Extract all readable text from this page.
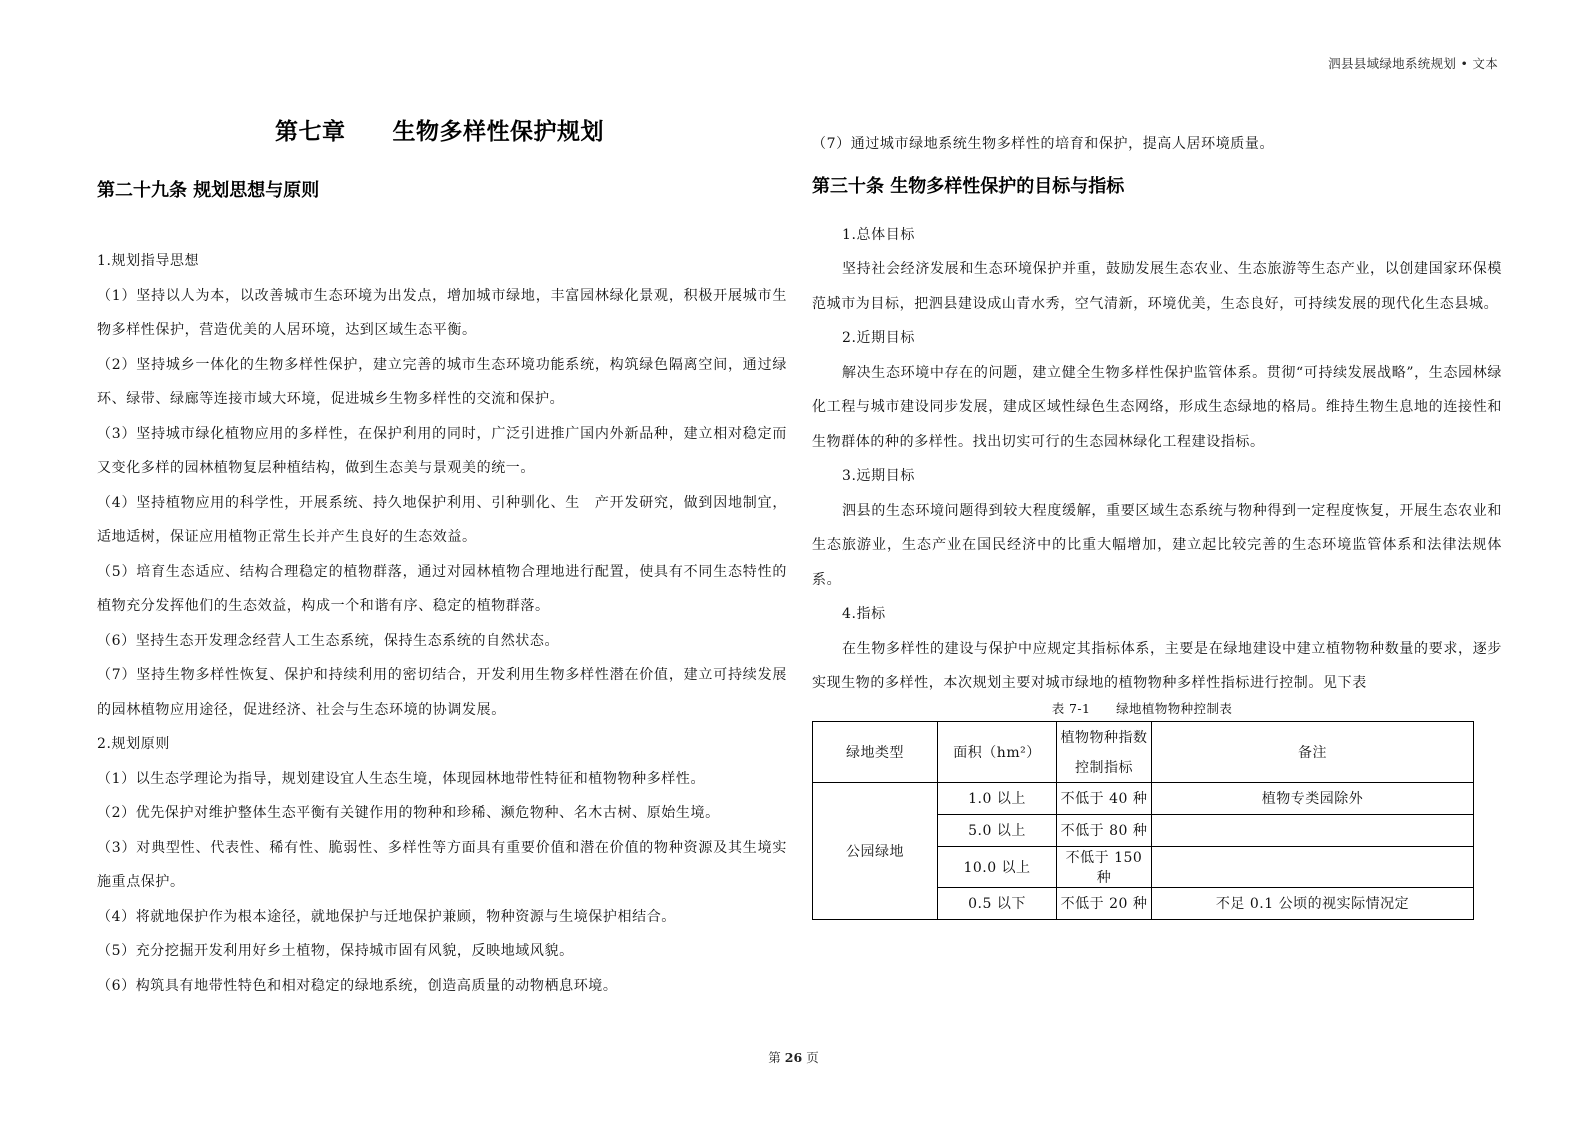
泗县县域绿地系统规划 • 文本
第七章　　生物多样性保护规划
第二十九条 规划思想与原则

1.规划指导思想

（1）坚持以人为本，以改善城市生态环境为出发点，增加城市绿地，丰富园林绿化景观，积极开展城市生物多样性保护，营造优美的人居环境，达到区域生态平衡。

（2）坚持城乡一体化的生物多样性保护，建立完善的城市生态环境功能系统，构筑绿色隔离空间，通过绿环、绿带、绿廊等连接市域大环境，促进城乡生物多样性的交流和保护。

（3）坚持城市绿化植物应用的多样性，在保护利用的同时，广泛引进推广国内外新品种，建立相对稳定而又变化多样的园林植物复层种植结构，做到生态美与景观美的统一。

（4）坚持植物应用的科学性，开展系统、持久地保护利用、引种驯化、生　产开发研究，做到因地制宜，适地适树，保证应用植物正常生长并产生良好的生态效益。

（5）培育生态适应、结构合理稳定的植物群落，通过对园林植物合理地进行配置，使具有不同生态特性的植物充分发挥他们的生态效益，构成一个和谐有序、稳定的植物群落。

（6）坚持生态开发理念经营人工生态系统，保持生态系统的自然状态。

（7）坚持生物多样性恢复、保护和持续利用的密切结合，开发利用生物多样性潜在价值，建立可持续发展的园林植物应用途径，促进经济、社会与生态环境的协调发展。

2.规划原则

（1）以生态学理论为指导，规划建设宜人生态生境，体现园林地带性特征和植物物种多样性。

（2）优先保护对维护整体生态平衡有关键作用的物种和珍稀、濒危物种、名木古树、原始生境。

（3）对典型性、代表性、稀有性、脆弱性、多样性等方面具有重要价值和潜在价值的物种资源及其生境实施重点保护。

（4）将就地保护作为根本途径，就地保护与迁地保护兼顾，物种资源与生境保护相结合。

（5）充分挖掘开发利用好乡土植物，保持城市固有风貌，反映地域风貌。

（6）构筑具有地带性特色和相对稳定的绿地系统，创造高质量的动物栖息环境。

（7）通过城市绿地系统生物多样性的培育和保护，提高人居环境质量。

第三十条 生物多样性保护的目标与指标

1.总体目标

坚持社会经济发展和生态环境保护并重，鼓励发展生态农业、生态旅游等生态产业，以创建国家环保模范城市为目标，把泗县建设成山青水秀，空气清新，环境优美，生态良好，可持续发展的现代化生态县城。

2.近期目标

解决生态环境中存在的问题，建立健全生物多样性保护监管体系。贯彻“可持续发展战略”，生态园林绿化工程与城市建设同步发展，建成区域性绿色生态网络，形成生态绿地的格局。维持生物生息地的连接性和生物群体的种的多样性。找出切实可行的生态园林绿化工程建设指标。

3.远期目标

泗县的生态环境问题得到较大程度缓解，重要区域生态系统与物种得到一定程度恢复，开展生态农业和生态旅游业，生态产业在国民经济中的比重大幅增加，建立起比较完善的生态环境监管体系和法律法规体系。

4.指标

在生物多样性的建设与保护中应规定其指标体系，主要是在绿地建设中建立植物物种数量的要求，逐步实现生物的多样性，本次规划主要对城市绿地的植物物种多样性指标进行控制。见下表

表 7-1　　绿地植物物种控制表

绿地类型	面积（hm²）	植物物种指数	备注
		控制指标	
公园绿地	1.0 以上	不低于 40 种	植物专类园除外
	5.0 以上	不低于 80 种	
	10.0 以上	不低于 150 种	
	0.5 以下	不低于 20 种	不足 0.1 公顷的视实际情况定
第 26 页
